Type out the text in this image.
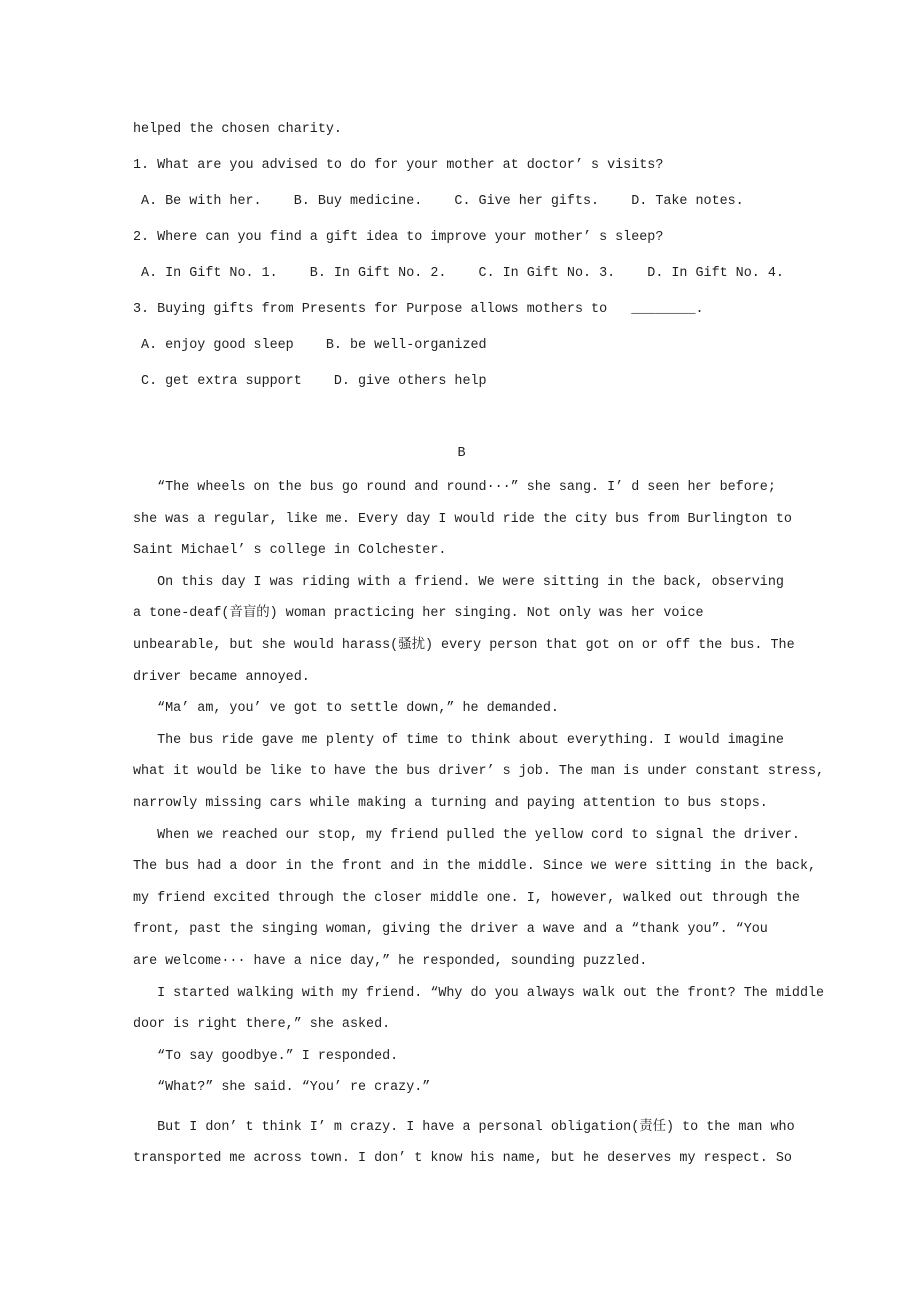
helped the chosen charity.

1. What are you advised to do for your mother at doctor’ s visits?

A. Be with her.    B. Buy medicine.    C. Give her gifts.    D. Take notes.

2. Where can you find a gift idea to improve your mother’ s sleep?

A. In Gift No. 1.    B. In Gift No. 2.    C. In Gift No. 3.    D. In Gift No. 4.

3. Buying gifts from Presents for Purpose allows mothers to   ________.

A. enjoy good sleep    B. be well-organized

C. get extra support    D. give others help

B

“The wheels on the bus go round and round···” she sang. I’ d seen her before;

she was a regular, like me. Every day I would ride the city bus from Burlington to

Saint Michael’ s college in Colchester.

On this day I was riding with a friend. We were sitting in the back, observing

a tone-deaf(音盲的) woman practicing her singing. Not only was her voice

unbearable, but she would harass(骚扰) every person that got on or off the bus. The

driver became annoyed.

“Ma’ am, you’ ve got to settle down,” he demanded.

The bus ride gave me plenty of time to think about everything. I would imagine

what it would be like to have the bus driver’ s job. The man is under constant stress,

narrowly missing cars while making a turning and paying attention to bus stops.

When we reached our stop, my friend pulled the yellow cord to signal the driver.

The bus had a door in the front and in the middle. Since we were sitting in the back,

my friend excited through the closer middle one. I, however, walked out through the

front, past the singing woman, giving the driver a wave and a “thank you”. “You

are welcome··· have a nice day,” he responded, sounding puzzled.

I started walking with my friend. “Why do you always walk out the front? The middle

door is right there,” she asked.

“To say goodbye.” I responded.

“What?” she said. “You’ re crazy.”

But I don’ t think I’ m crazy. I have a personal obligation(责任) to the man who

transported me across town. I don’ t know his name, but he deserves my respect. So
